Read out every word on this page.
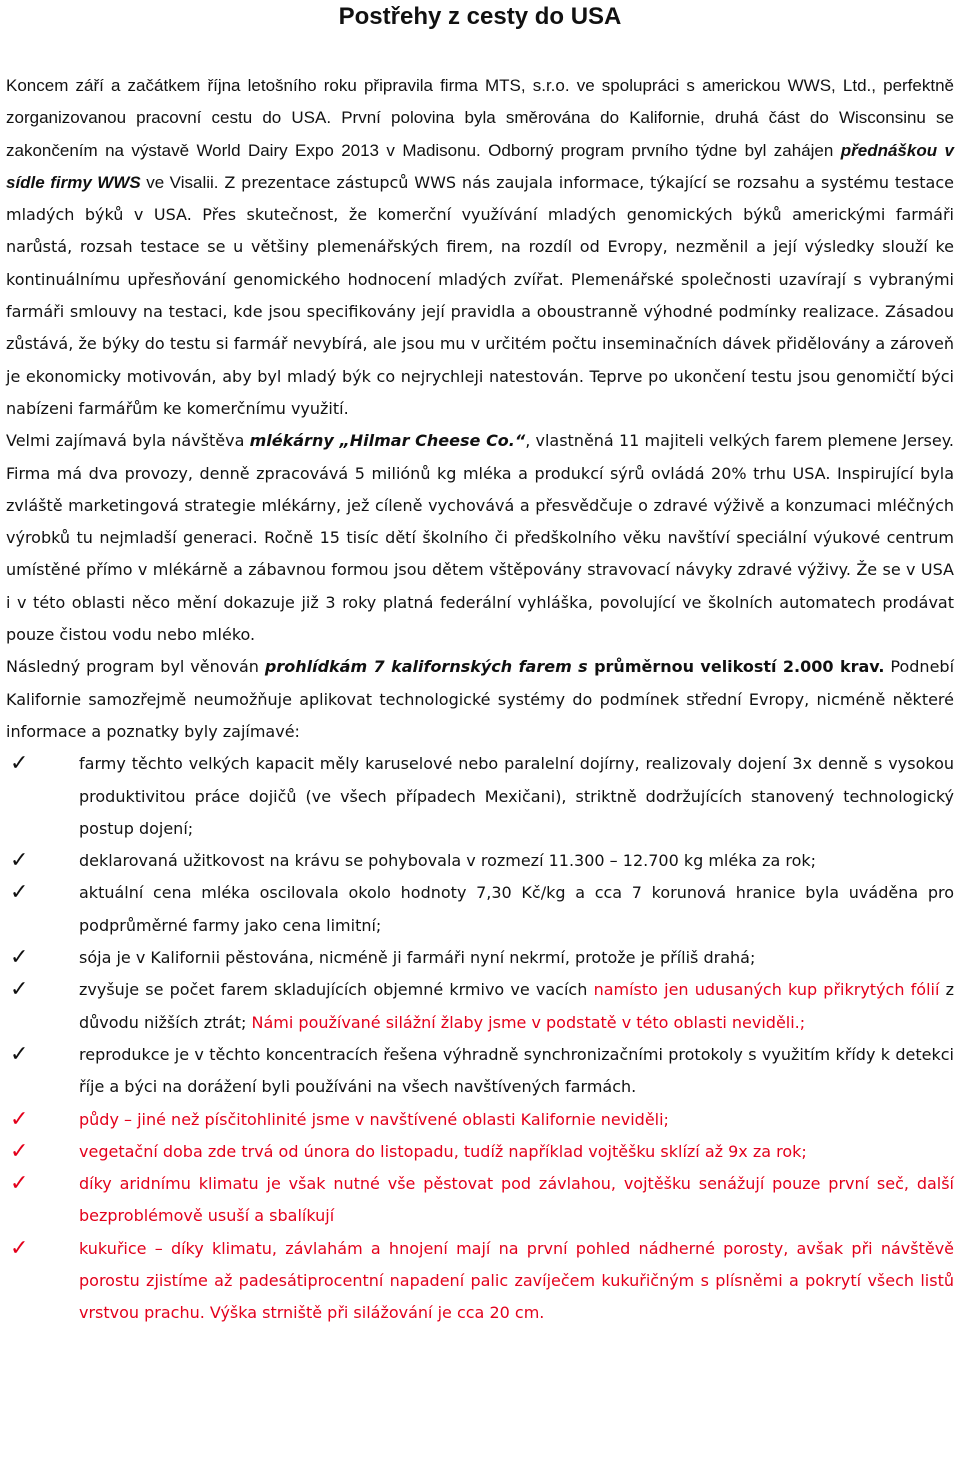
Postřehy z cesty do USA

Koncem září a začátkem října letošního roku připravila firma MTS, s.r.o. ve spolupráci s americkou WWS, Ltd., perfektně zorganizovanou pracovní cestu do USA. První polovina byla směrována do Kalifornie, druhá část do Wisconsinu se zakončením na výstavě World Dairy Expo 2013 v Madisonu. Odborný program prvního týdne byl zahájen přednáškou v sídle firmy WWS ve Visalii. Z prezentace zástupců WWS nás zaujala informace, týkající se rozsahu a systému testace mladých býků v USA. Přes skutečnost, že komerční využívání mladých genomických býků americkými farmáři narůstá, rozsah testace se u většiny plemenářských firem, na rozdíl od Evropy, nezměnil a její výsledky slouží ke kontinuálnímu upřesňování genomického hodnocení mladých zvířat. Plemenářské společnosti uzavírají s vybranými farmáři smlouvy na testaci, kde jsou specifikovány její pravidla a oboustranně výhodné podmínky realizace. Zásadou zůstává, že býky do testu si farmář nevybírá, ale jsou mu v určitém počtu inseminačních dávek přidělovány a zároveň je ekonomicky motivován, aby byl mladý býk co nejrychleji natestován. Teprve po ukončení testu jsou genomičtí býci nabízeni farmářům ke komerčnímu využití.

Velmi zajímavá byla návštěva mlékárny „Hilmar Cheese Co.“, vlastněná 11 majiteli velkých farem plemene Jersey. Firma má dva provozy, denně zpracovává 5 miliónů kg mléka a produkcí sýrů ovládá 20% trhu USA. Inspirující byla zvláště marketingová strategie mlékárny, jež cíleně vychovává a přesvědčuje o zdravé výživě a konzumaci mléčných výrobků tu nejmladší generaci. Ročně 15 tisíc dětí školního či předškolního věku navštíví speciální výukové centrum umístěné přímo v mlékárně a zábavnou formou jsou dětem vštěpovány stravovací návyky zdravé výživy. Že se v USA i v této oblasti něco mění dokazuje již 3 roky platná federální vyhláška, povolující ve školních automatech prodávat pouze čistou vodu nebo mléko.

Následný program byl věnován prohlídkám 7 kalifornských farem s průměrnou velikostí 2.000 krav. Podnebí Kalifornie samozřejmě neumožňuje aplikovat technologické systémy do podmínek střední Evropy, nicméně některé informace a poznatky byly zajímavé:

✓	farmy těchto velkých kapacit měly karuselové nebo paralelní dojírny, realizovaly dojení 3x denně s vysokou produktivitou práce dojičů (ve všech případech Mexičani), striktně dodržujících stanovený technologický postup dojení;
✓	deklarovaná užitkovost na krávu se pohybovala v rozmezí 11.300 – 12.700 kg mléka za rok;
✓	aktuální cena mléka oscilovala okolo hodnoty 7,30 Kč/kg a cca 7 korunová hranice byla uváděna pro podprůměrné farmy jako cena limitní;
✓	sója je v Kalifornii pěstována, nicméně ji farmáři nyní nekrmí, protože je příliš drahá;
✓	zvyšuje se počet farem skladujících objemné krmivo ve vacích namísto jen udusaných kup přikrytých fólií z důvodu nižších ztrát; Námi používané silážní žlaby jsme v podstatě v této oblasti neviděli.;
✓	reprodukce je v těchto koncentracích řešena výhradně synchronizačními protokoly s využitím křídy k detekci říje a býci na dorážení byli používáni na všech navštívených farmách.
✓	půdy – jiné než písčitohlinité jsme v navštívené oblasti Kalifornie neviděli;
✓	vegetační doba zde trvá od února do listopadu, tudíž například vojtěšku sklízí až 9x za rok;
✓	díky aridnímu klimatu je však nutné vše pěstovat pod závlahou, vojtěšku senážují pouze první seč, další bezproblémově usuší a sbalíkují
✓	kukuřice – díky klimatu, závlahám a hnojení mají na první pohled nádherné porosty, avšak při návštěvě porostu zjistíme až padesátiprocentní napadení palic zavíječem kukuřičným s plísněmi a pokrytí všech listů vrstvou prachu. Výška strniště při silážování je cca 20 cm.
